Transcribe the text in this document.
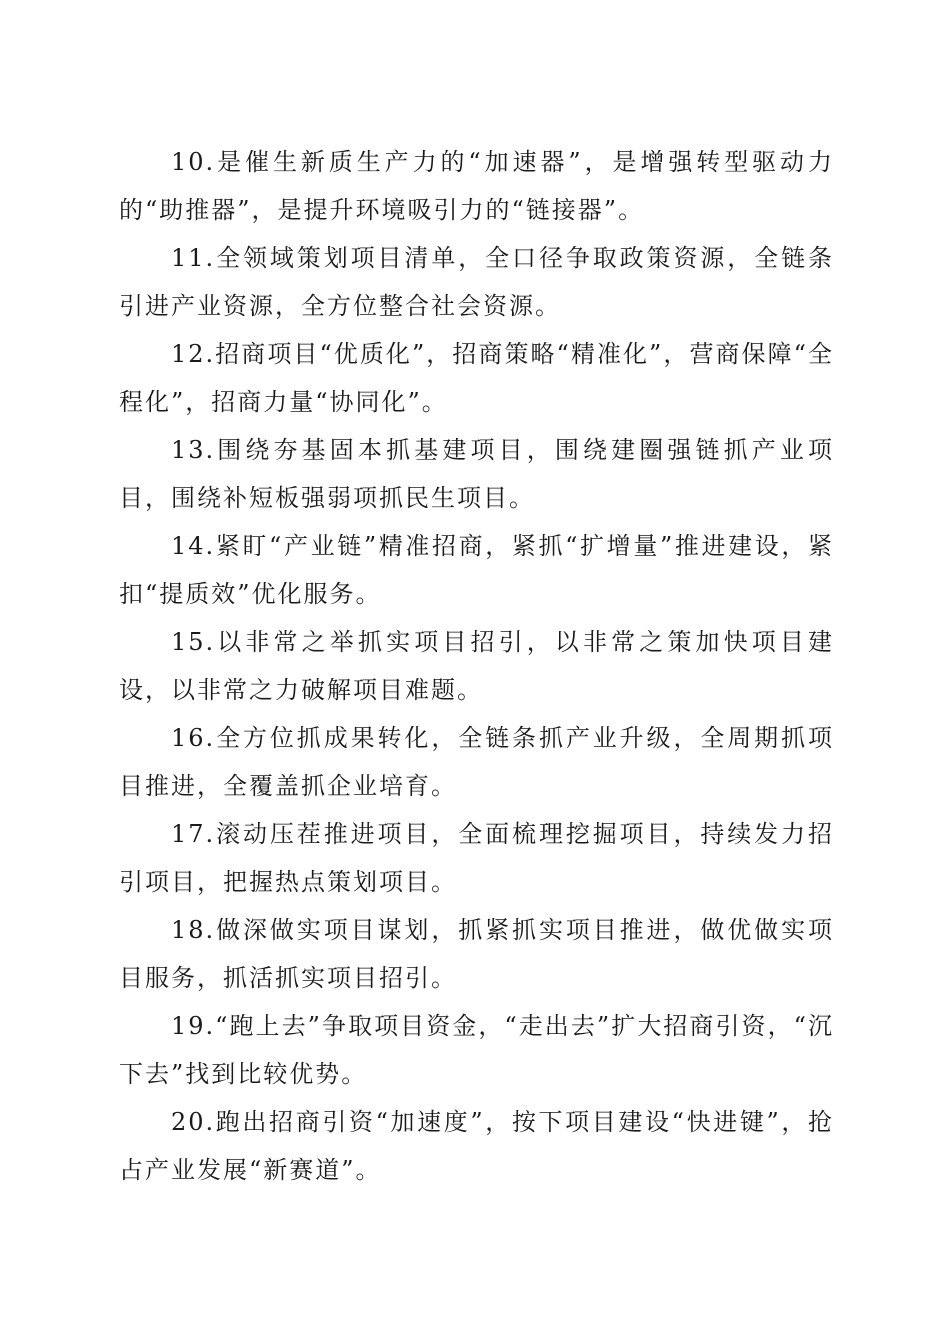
10.是催生新质生产力的“加速器”，是增强转型驱动力的“助推器”，是提升环境吸引力的“链接器”。

11.全领域策划项目清单，全口径争取政策资源，全链条引进产业资源，全方位整合社会资源。

12.招商项目“优质化”，招商策略“精准化”，营商保障“全程化”，招商力量“协同化”。

13.围绕夯基固本抓基建项目，围绕建圈强链抓产业项目，围绕补短板强弱项抓民生项目。

14.紧盯“产业链”精准招商，紧抓“扩增量”推进建设，紧扣“提质效”优化服务。

15.以非常之举抓实项目招引，以非常之策加快项目建设，以非常之力破解项目难题。

16.全方位抓成果转化，全链条抓产业升级，全周期抓项目推进，全覆盖抓企业培育。

17.滚动压茬推进项目，全面梳理挖掘项目，持续发力招引项目，把握热点策划项目。

18.做深做实项目谋划，抓紧抓实项目推进，做优做实项目服务，抓活抓实项目招引。

19.“跑上去”争取项目资金，“走出去”扩大招商引资，“沉下去”找到比较优势。

20.跑出招商引资“加速度”，按下项目建设“快进键”，抢占产业发展“新赛道”。
